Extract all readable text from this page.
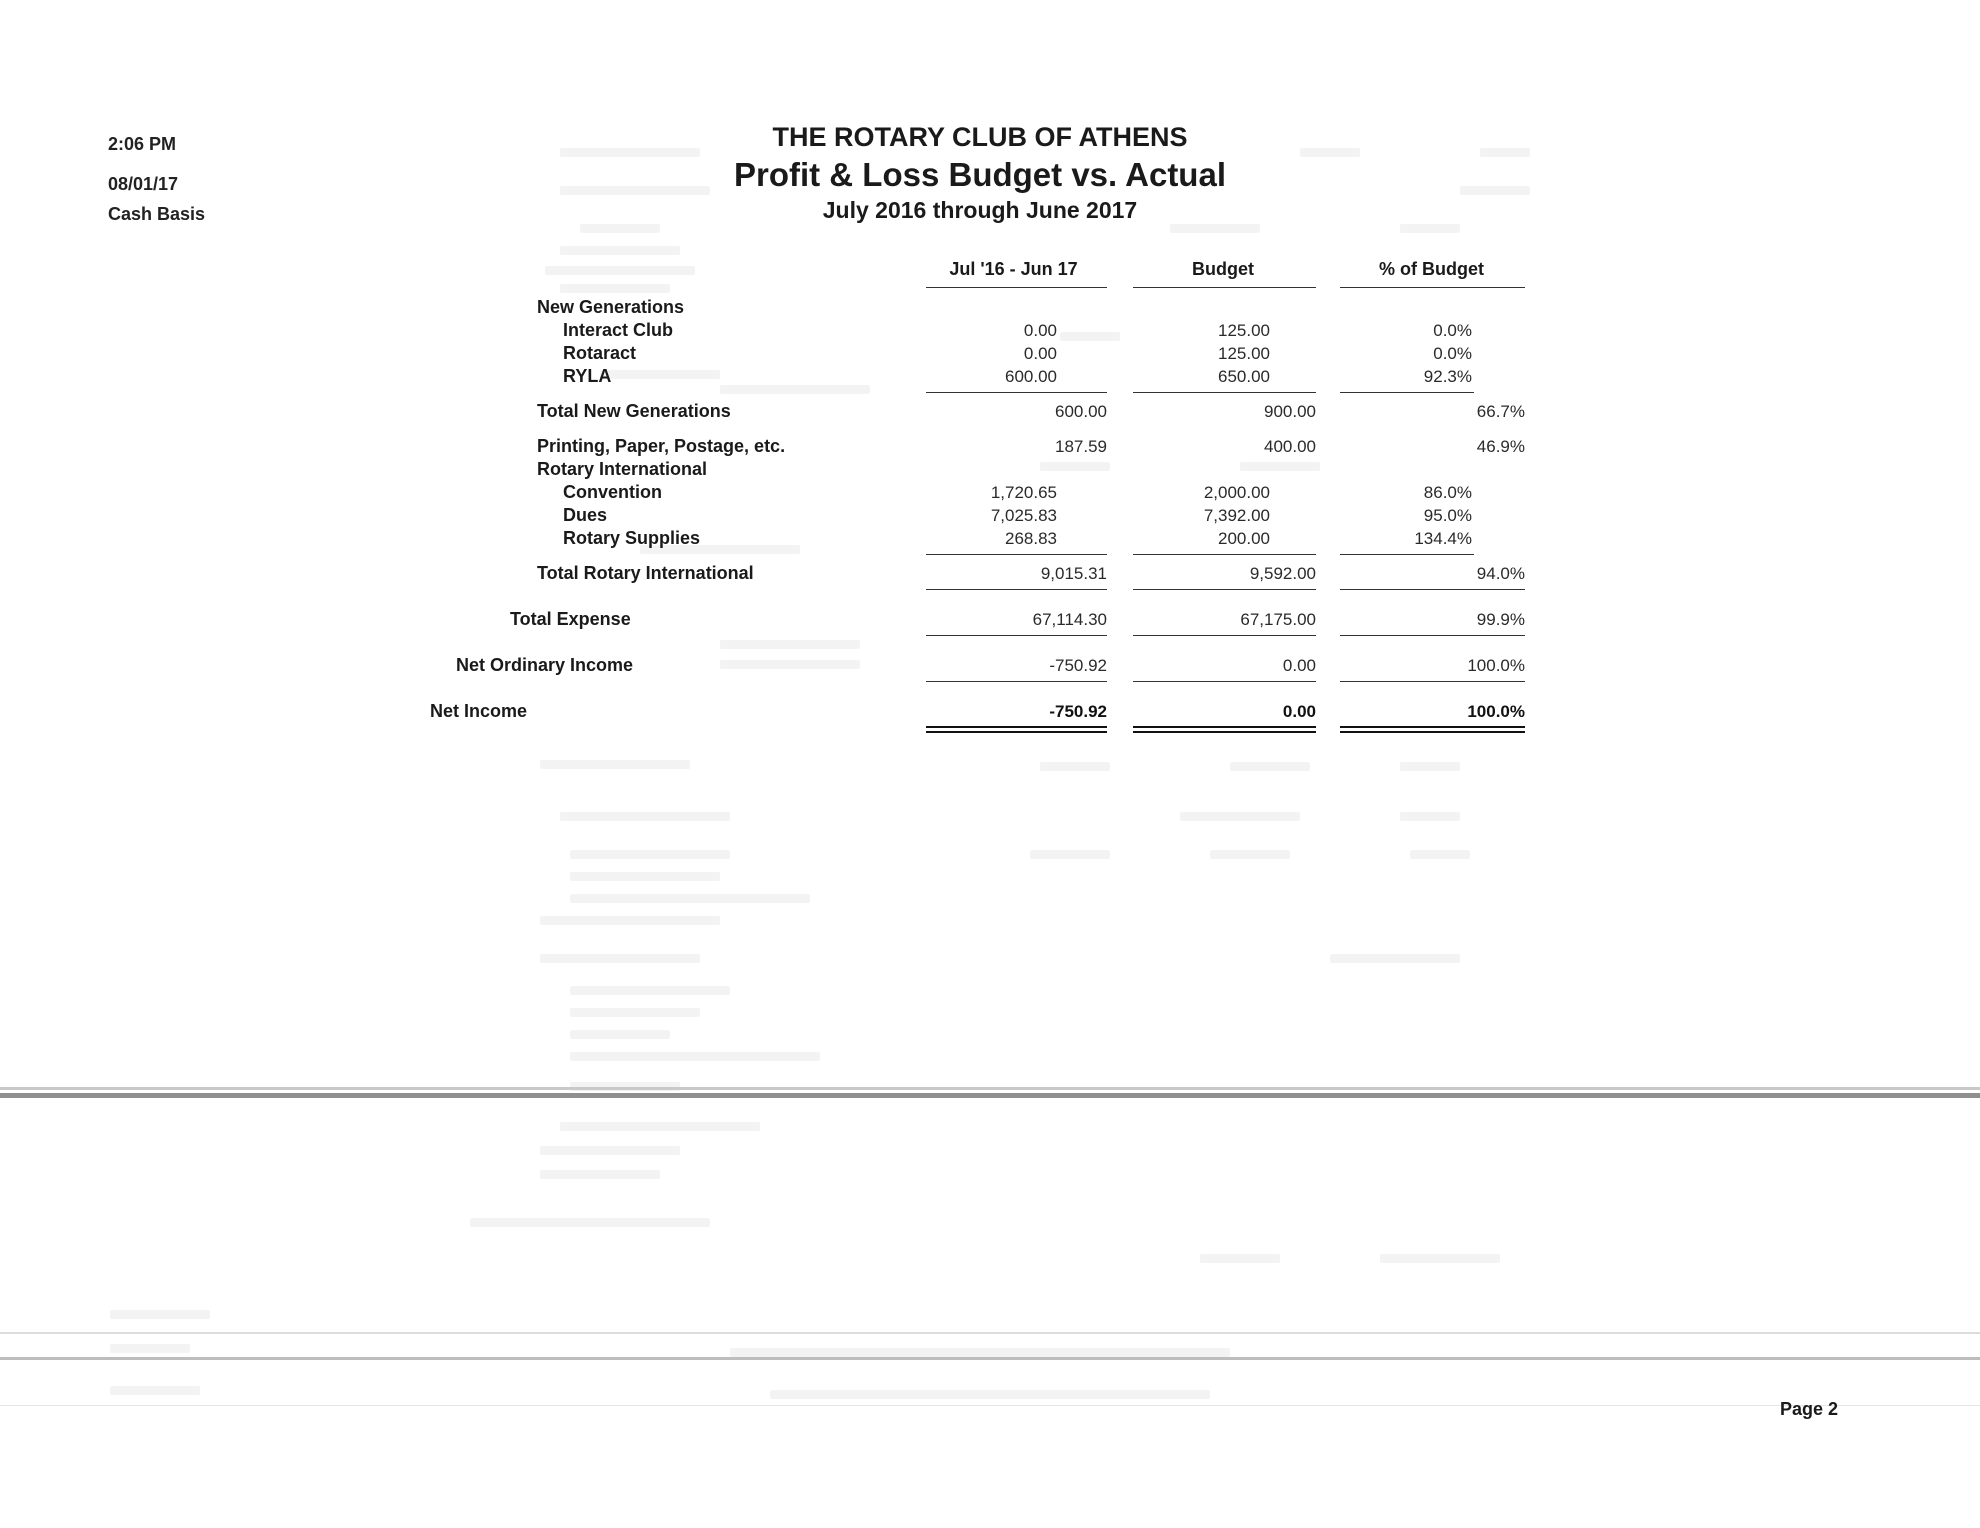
2:06 PM
08/01/17
Cash Basis
THE ROTARY CLUB OF ATHENS
Profit & Loss Budget vs. Actual
July 2016 through June 2017
Jul '16 - Jun 17	Budget	% of Budget
New Generations
Interact Club	0.00	125.00	0.0%
Rotaract	0.00	125.00	0.0%
RYLA	600.00	650.00	92.3%
Total New Generations	600.00	900.00	66.7%
Printing, Paper, Postage, etc.	187.59	400.00	46.9%
Rotary International
Convention	1,720.65	2,000.00	86.0%
Dues	7,025.83	7,392.00	95.0%
Rotary Supplies	268.83	200.00	134.4%
Total Rotary International	9,015.31	9,592.00	94.0%
Total Expense	67,114.30	67,175.00	99.9%
Net Ordinary Income	-750.92	0.00	100.0%
Net Income	-750.92	0.00	100.0%
Page 2
